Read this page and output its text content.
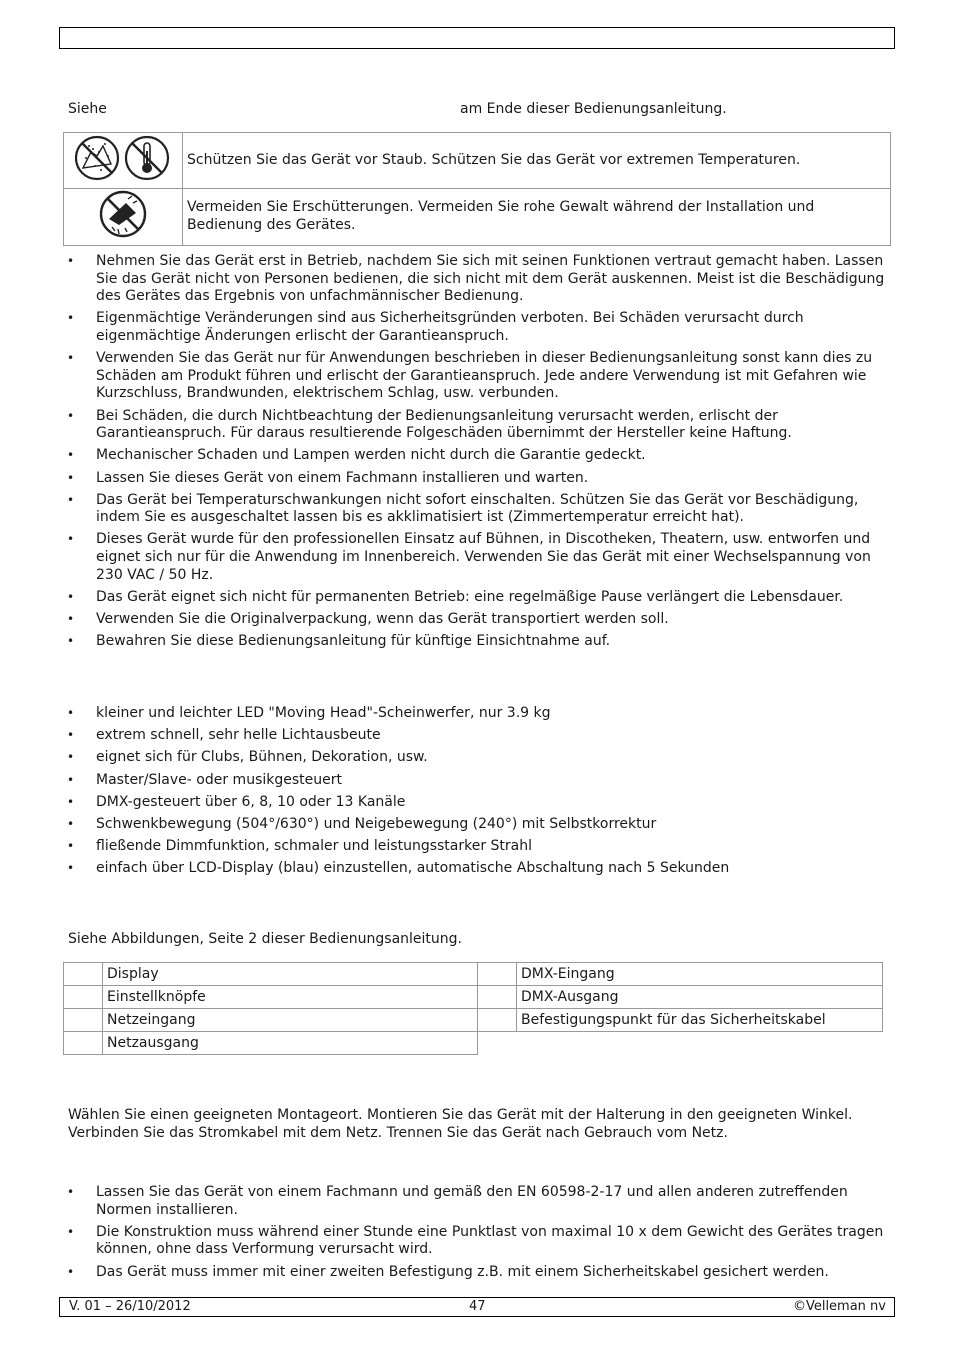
Siehe	am Ende dieser Bedienungsanleitung.
	Schützen Sie das Gerät vor Staub. Schützen Sie das Gerät vor extremen Temperaturen.
	Vermeiden Sie Erschütterungen. Vermeiden Sie rohe Gewalt während der Installation und Bedienung des Gerätes.
• Nehmen Sie das Gerät erst in Betrieb, nachdem Sie sich mit seinen Funktionen vertraut gemacht haben. Lassen Sie das Gerät nicht von Personen bedienen, die sich nicht mit dem Gerät auskennen. Meist ist die Beschädigung des Gerätes das Ergebnis von unfachmännischer Bedienung.
• Eigenmächtige Veränderungen sind aus Sicherheitsgründen verboten. Bei Schäden verursacht durch eigenmächtige Änderungen erlischt der Garantieanspruch.
• Verwenden Sie das Gerät nur für Anwendungen beschrieben in dieser Bedienungsanleitung sonst kann dies zu Schäden am Produkt führen und erlischt der Garantieanspruch. Jede andere Verwendung ist mit Gefahren wie Kurzschluss, Brandwunden, elektrischem Schlag, usw. verbunden.
• Bei Schäden, die durch Nichtbeachtung der Bedienungsanleitung verursacht werden, erlischt der Garantieanspruch. Für daraus resultierende Folgeschäden übernimmt der Hersteller keine Haftung.
• Mechanischer Schaden und Lampen werden nicht durch die Garantie gedeckt.
• Lassen Sie dieses Gerät von einem Fachmann installieren und warten.
• Das Gerät bei Temperaturschwankungen nicht sofort einschalten. Schützen Sie das Gerät vor Beschädigung, indem Sie es ausgeschaltet lassen bis es akklimatisiert ist (Zimmertemperatur erreicht hat).
• Dieses Gerät wurde für den professionellen Einsatz auf Bühnen, in Discotheken, Theatern, usw. entworfen und eignet sich nur für die Anwendung im Innenbereich. Verwenden Sie das Gerät mit einer Wechselspannung von 230 VAC / 50 Hz.
• Das Gerät eignet sich nicht für permanenten Betrieb: eine regelmäßige Pause verlängert die Lebensdauer.
• Verwenden Sie die Originalverpackung, wenn das Gerät transportiert werden soll.
• Bewahren Sie diese Bedienungsanleitung für künftige Einsichtnahme auf.
• kleiner und leichter LED "Moving Head"-Scheinwerfer, nur 3.9 kg
• extrem schnell, sehr helle Lichtausbeute
• eignet sich für Clubs, Bühnen, Dekoration, usw.
• Master/Slave- oder musikgesteuert
• DMX-gesteuert über 6, 8, 10 oder 13 Kanäle
• Schwenkbewegung (504°/630°) und Neigebewegung (240°) mit Selbstkorrektur
• fließende Dimmfunktion, schmaler und leistungsstarker Strahl
• einfach über LCD-Display (blau) einzustellen, automatische Abschaltung nach 5 Sekunden
Siehe Abbildungen, Seite 2 dieser Bedienungsanleitung.
	Display		DMX-Eingang
	Einstellknöpfe		DMX-Ausgang
	Netzeingang		Befestigungspunkt für das Sicherheitskabel
	Netzausgang		
Wählen Sie einen geeigneten Montageort. Montieren Sie das Gerät mit der Halterung in den geeigneten Winkel.
Verbinden Sie das Stromkabel mit dem Netz. Trennen Sie das Gerät nach Gebrauch vom Netz.
• Lassen Sie das Gerät von einem Fachmann und gemäß den EN 60598-2-17 und allen anderen zutreffenden Normen installieren.
• Die Konstruktion muss während einer Stunde eine Punktlast von maximal 10 x dem Gewicht des Gerätes tragen können, ohne dass Verformung verursacht wird.
• Das Gerät muss immer mit einer zweiten Befestigung z.B. mit einem Sicherheitskabel gesichert werden.
V. 01 – 26/10/2012	47	©Velleman nv
